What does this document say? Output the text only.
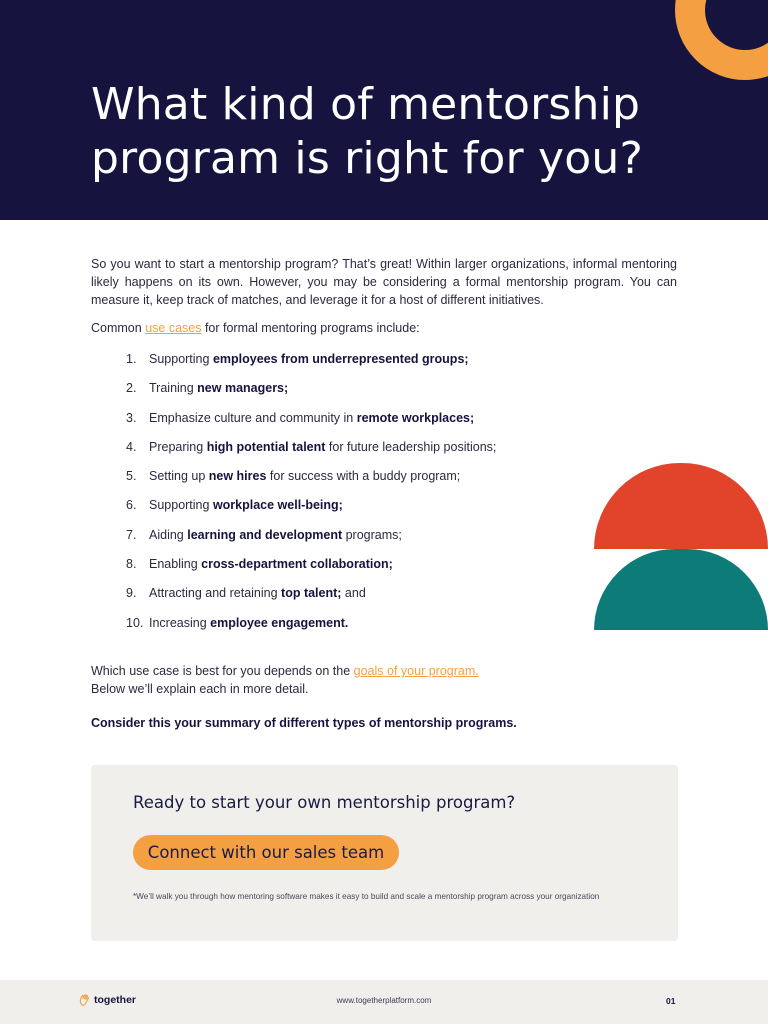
What kind of mentorship program is right for you?

So you want to start a mentorship program? That’s great! Within larger organizations, informal mentoring likely happens on its own. However, you may be considering a formal mentorship program. You can measure it, keep track of matches, and leverage it for a host of different initiatives.

Common use cases for formal mentoring programs include:

1. Supporting employees from underrepresented groups;
2. Training new managers;
3. Emphasize culture and community in remote workplaces;
4. Preparing high potential talent for future leadership positions;
5. Setting up new hires for success with a buddy program;
6. Supporting workplace well-being;
7. Aiding learning and development programs;
8. Enabling cross-department collaboration;
9. Attracting and retaining top talent; and
10. Increasing employee engagement.

Which use case is best for you depends on the goals of your program.
Below we’ll explain each in more detail.

Consider this your summary of different types of mentorship programs.

Ready to start your own mentorship program?
Connect with our sales team
*We’ll walk you through how mentoring software makes it easy to build and scale a mentorship program across your organization
together	www.togetherplatform.com	01
